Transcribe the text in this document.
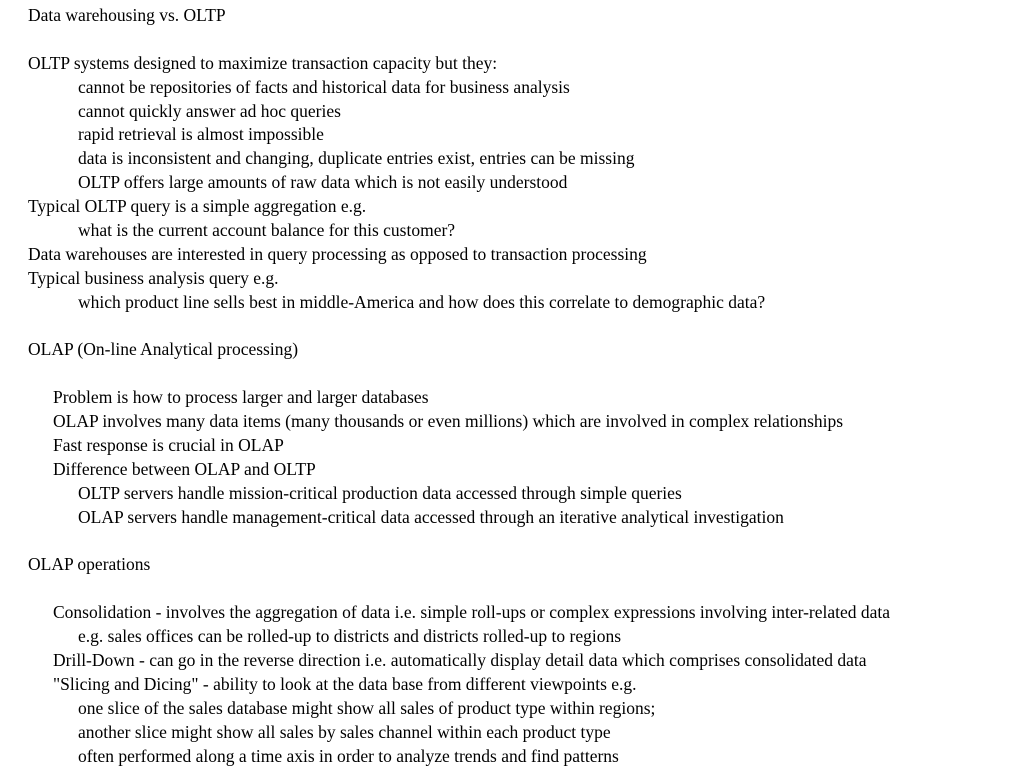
Data warehousing vs. OLTP
OLTP systems designed to maximize transaction capacity but they:
cannot be repositories of facts and historical data for business analysis
cannot quickly answer ad hoc queries
rapid retrieval is almost impossible
data is inconsistent and changing, duplicate entries exist, entries can be missing
OLTP offers large amounts of raw data which is not easily understood
Typical OLTP query is a simple aggregation e.g.
what is the current account balance for this customer?
Data warehouses are interested in query processing as opposed to transaction processing
Typical business analysis query e.g.
which product line sells best in middle-America and how does this correlate to demographic data?
OLAP (On-line Analytical processing)
Problem is how to process larger and larger databases
OLAP involves many data items (many thousands or even millions) which are involved in complex relationships
Fast response is crucial in OLAP
Difference between OLAP and OLTP
OLTP servers handle mission-critical production data accessed through simple queries
OLAP servers handle management-critical data accessed through an iterative analytical investigation
OLAP operations
Consolidation - involves the aggregation of data i.e. simple roll-ups or complex expressions involving inter-related data
e.g. sales offices can be rolled-up to districts and districts rolled-up to regions
Drill-Down - can go in the reverse direction i.e. automatically display detail data which comprises consolidated data
"Slicing and Dicing" - ability to look at the data base from different viewpoints e.g.
one slice of the sales database might show all sales of product type within regions;
another slice might show all sales by sales channel within each product type
often performed along a time axis in order to analyze trends and find patterns
